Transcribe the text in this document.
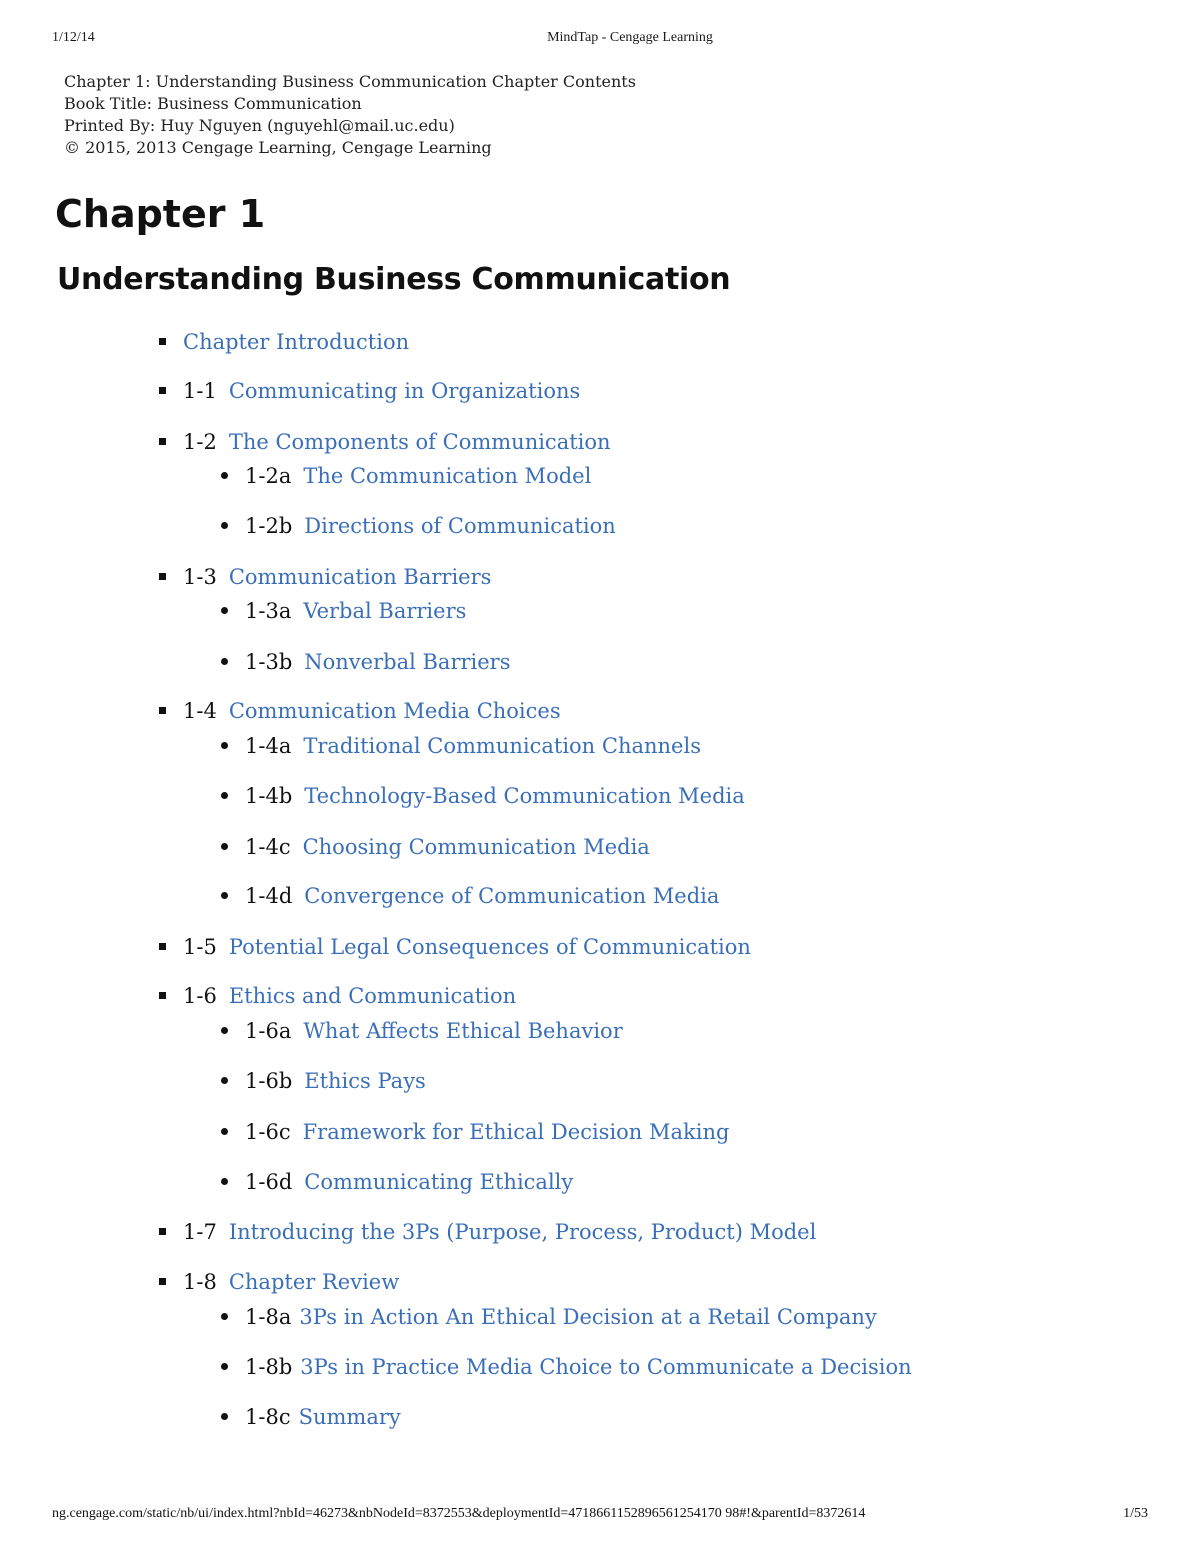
1/12/14	MindTap - Cengage Learning
Chapter 1: Understanding Business Communication Chapter Contents
Book Title: Business Communication
Printed By: Huy Nguyen (nguyehl@mail.uc.edu)
© 2015, 2013 Cengage Learning, Cengage Learning
Chapter 1
Understanding Business Communication
Chapter Introduction
1-1 Communicating in Organizations
1-2 The Components of Communication
1-2a The Communication Model
1-2b Directions of Communication
1-3 Communication Barriers
1-3a Verbal Barriers
1-3b Nonverbal Barriers
1-4 Communication Media Choices
1-4a Traditional Communication Channels
1-4b Technology-Based Communication Media
1-4c Choosing Communication Media
1-4d Convergence of Communication Media
1-5 Potential Legal Consequences of Communication
1-6 Ethics and Communication
1-6a What Affects Ethical Behavior
1-6b Ethics Pays
1-6c Framework for Ethical Decision Making
1-6d Communicating Ethically
1-7 Introducing the 3Ps (Purpose, Process, Product) Model
1-8 Chapter Review
1-8a 3Ps in Action An Ethical Decision at a Retail Company
1-8b 3Ps in Practice Media Choice to Communicate a Decision
1-8c Summary
ng.cengage.com/static/nb/ui/index.html?nbId=46273&nbNodeId=8372553&deploymentId=4718661152896561254170 98#!&parentId=8372614	1/53
